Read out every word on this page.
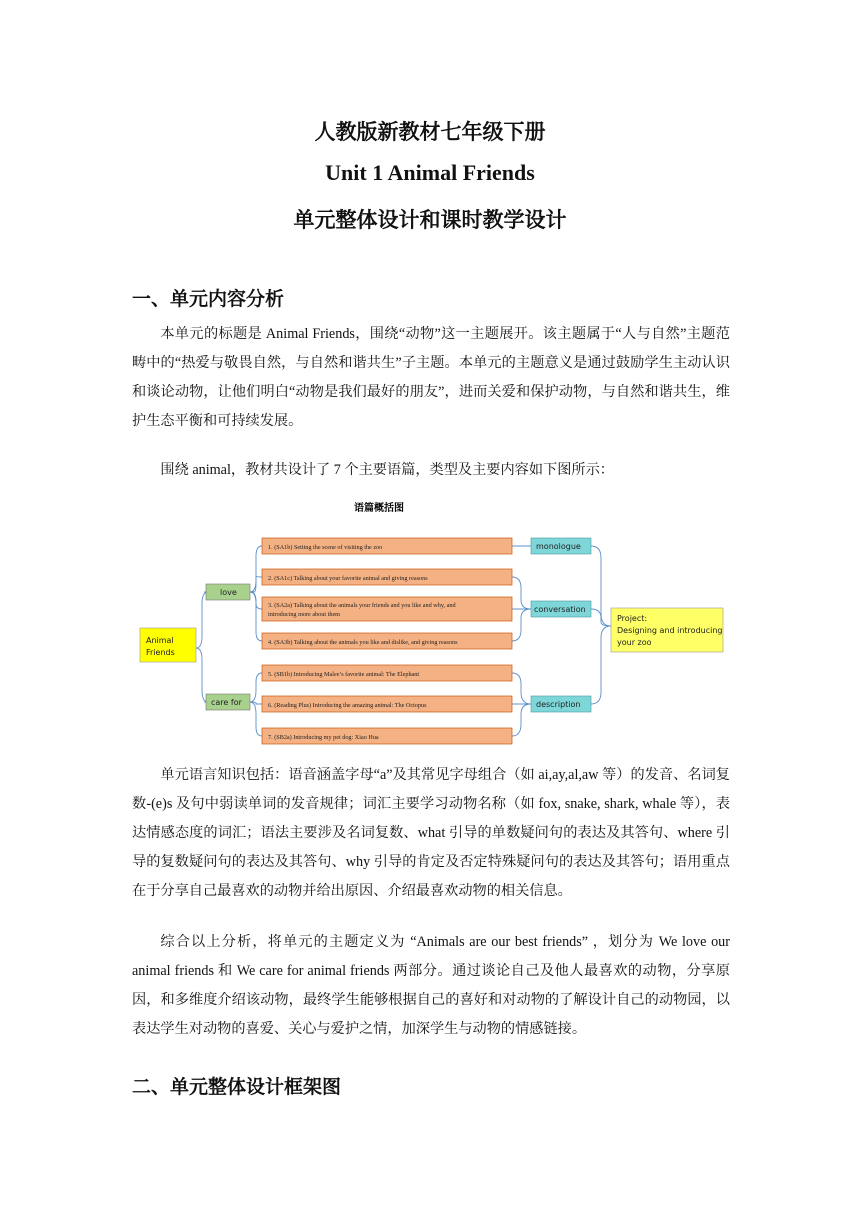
人教版新教材七年级下册
Unit 1 Animal Friends
单元整体设计和课时教学设计
一、单元内容分析

本单元的标题是 Animal Friends，围绕“动物”这一主题展开。该主题属于“人与自然”主题范畴中的“热爱与敬畏自然，与自然和谐共生”子主题。本单元的主题意义是通过鼓励学生主动认识和谈论动物，让他们明白“动物是我们最好的朋友”，进而关爱和保护动物，与自然和谐共生，维护生态平衡和可持续发展。

围绕 animal，教材共设计了 7 个主要语篇，类型及主要内容如下图所示：

语篇概括图
Animal
Friends
love
care for
1. (SA1b) Setting the scene of visiting the zoo
2. (SA1c) Talking about your favorite animal and giving reasons
3. (SA2a) Talking about the animals your friends and you like and why, and
introducing more about them
4. (SA3b) Talking about the animals you like and dislike, and giving reasons
5. (SB1b) Introducing Malee’s favorite animal: The Elephant
6. (Reading Plus) Introducing the amazing animal: The Octopus
7. (SB2a) Introducing my pet dog: Xiao Hua
monologue
conversation
description
Project:
Designing and introducing
your zoo

单元语言知识包括：语音涵盖字母“a”及其常见字母组合（如 ai,ay,al,aw 等）的发音、名词复数-(e)s 及句中弱读单词的发音规律；词汇主要学习动物名称（如 fox, snake, shark, whale 等），表达情感态度的词汇；语法主要涉及名词复数、what 引导的单数疑问句的表达及其答句、where 引导的复数疑问句的表达及其答句、why 引导的肯定及否定特殊疑问句的表达及其答句；语用重点在于分享自己最喜欢的动物并给出原因、介绍最喜欢动物的相关信息。

综合以上分析，将单元的主题定义为 “Animals are our best friends” ，划分为 We love our animal friends 和 We care for animal friends 两部分。通过谈论自己及他人最喜欢的动物，分享原因，和多维度介绍该动物，最终学生能够根据自己的喜好和对动物的了解设计自己的动物园，以表达学生对动物的喜爱、关心与爱护之情，加深学生与动物的情感链接。

二、单元整体设计框架图
